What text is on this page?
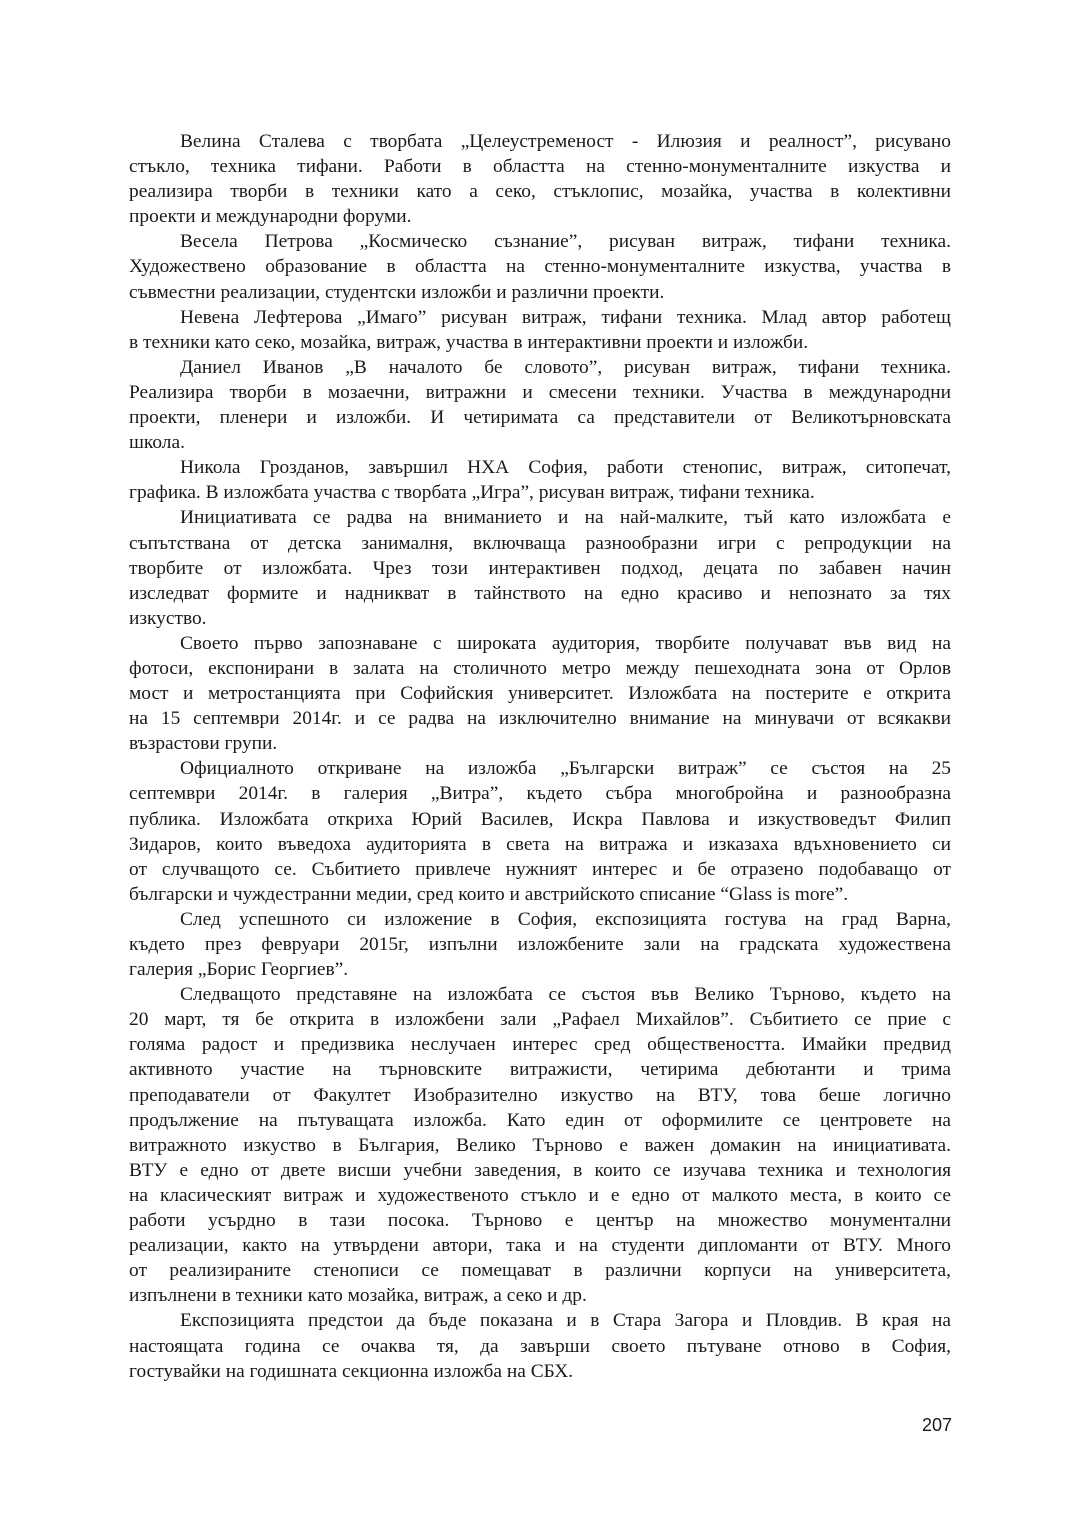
Велина Сталева с творбата „Целеустременост - Илюзия и реалност”, рисувано
стъкло, техника тифани. Работи в областта на стенно-монументалните изкуства и
реализира творби в техники като а секо, стъклопис, мозайка, участва в колективни
проекти и международни форуми.

Весела Петрова „Космическо съзнание”, рисуван витраж, тифани техника.
Художествено образование в областта на стенно-монументалните изкуства, участва в
съвместни реализации, студентски изложби и различни проекти.

Невена Лефтерова „Имаго” рисуван витраж, тифани техника. Млад автор работещ
в техники като секо, мозайка, витраж, участва в интерактивни проекти и изложби.

Даниел Иванов „В началото бе словото”, рисуван витраж, тифани техника.
Реализира творби в мозаечни, витражни и смесени техники. Участва в международни
проекти, пленери и изложби. И четиримата са представители от Великотърновската
школа.

Никола Грозданов, завършил НХА София, работи стенопис, витраж, ситопечат,
графика. В изложбата участва с творбата „Игра”, рисуван витраж, тифани техника.

Инициативата се радва на вниманието и на най-малките, тъй като изложбата е
съпътствана от детска занималня, включваща разнообразни игри с репродукции на
творбите от изложбата. Чрез този интерактивен подход, децата по забавен начин
изследват формите и надникват в тайнството на едно красиво и непознато за тях
изкуство.

Своето първо запознаване с широката аудитория, творбите получават във вид на
фотоси, експонирани в залата на столичното метро между пешеходната зона от Орлов
мост и метростанцията при Софийския университет. Изложбата на постерите е открита
на 15 септември 2014г. и се радва на изключително внимание на минувачи от всякакви
възрастови групи.

Официалното откриване на изложба „Български витраж” се състоя на 25
септември 2014г. в галерия „Витра”, където събра многобройна и разнообразна
публика. Изложбата откриха Юрий Василев, Искра Павлова и изкуствоведът Филип
Зидаров, които въведоха аудиторията в света на витража и изказаха вдъхновението си
от случващото се. Събитието привлече нужният интерес и бе отразено подобаващо от
български и чуждестранни медии, сред които и австрийското списание “Glass is more”.

След успешното си изложение в София, експозицията гостува на град Варна,
където през февруари 2015г, изпълни изложбените зали на градската художествена
галерия „Борис Георгиев”.

Следващото представяне на изложбата се състоя във Велико Търново, където на
20 март, тя бе открита в изложбени зали „Рафаел Михайлов”. Събитието се прие с
голяма радост и предизвика неслучаен интерес сред обществеността. Имайки предвид
активното участие на търновските витражисти, четирима дебютанти и трима
преподаватели от Факултет Изобразително изкуство на ВТУ, това беше логично
продължение на пътуващата изложба. Като един от оформилите се центровете на
витражното изкуство в България, Велико Търново е важен домакин на инициативата.
ВТУ е едно от двете висши учебни заведения, в които се изучава техника и технология
на класическият витраж и художественото стъкло и е едно от малкото места, в които се
работи усърдно в тази посока. Търново е център на множество монументални
реализации, както на утвърдени автори, така и на студенти дипломанти от ВТУ. Много
от реализираните стенописи се помещават в различни корпуси на университета,
изпълнени в техники като мозайка, витраж, а секо и др.

Експозицията предстои да бъде показана и в Стара Загора и Пловдив. В края на
настоящата година се очаква тя, да завърши своето пътуване отново в София,
гостувайки на годишната секционна изложба на СБХ.

207
